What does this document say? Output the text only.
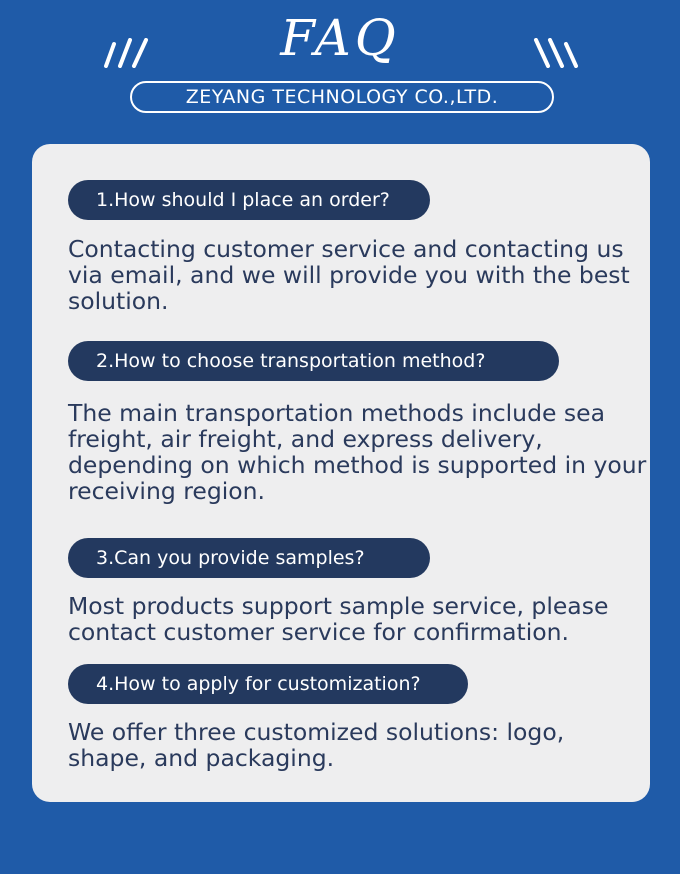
FAQ
ZEYANG TECHNOLOGY CO.,LTD.
1.How should I place an order?

Contacting customer service and contacting us via email, and we will provide you with the best solution.

2.How to choose transportation method?

The main transportation methods include sea freight, air freight, and express delivery, depending on which method is supported in your receiving region.

3.Can you provide samples?

Most products support sample service, please contact customer service for confirmation.

4.How to apply for customization?

We offer three customized solutions: logo, shape, and packaging.
